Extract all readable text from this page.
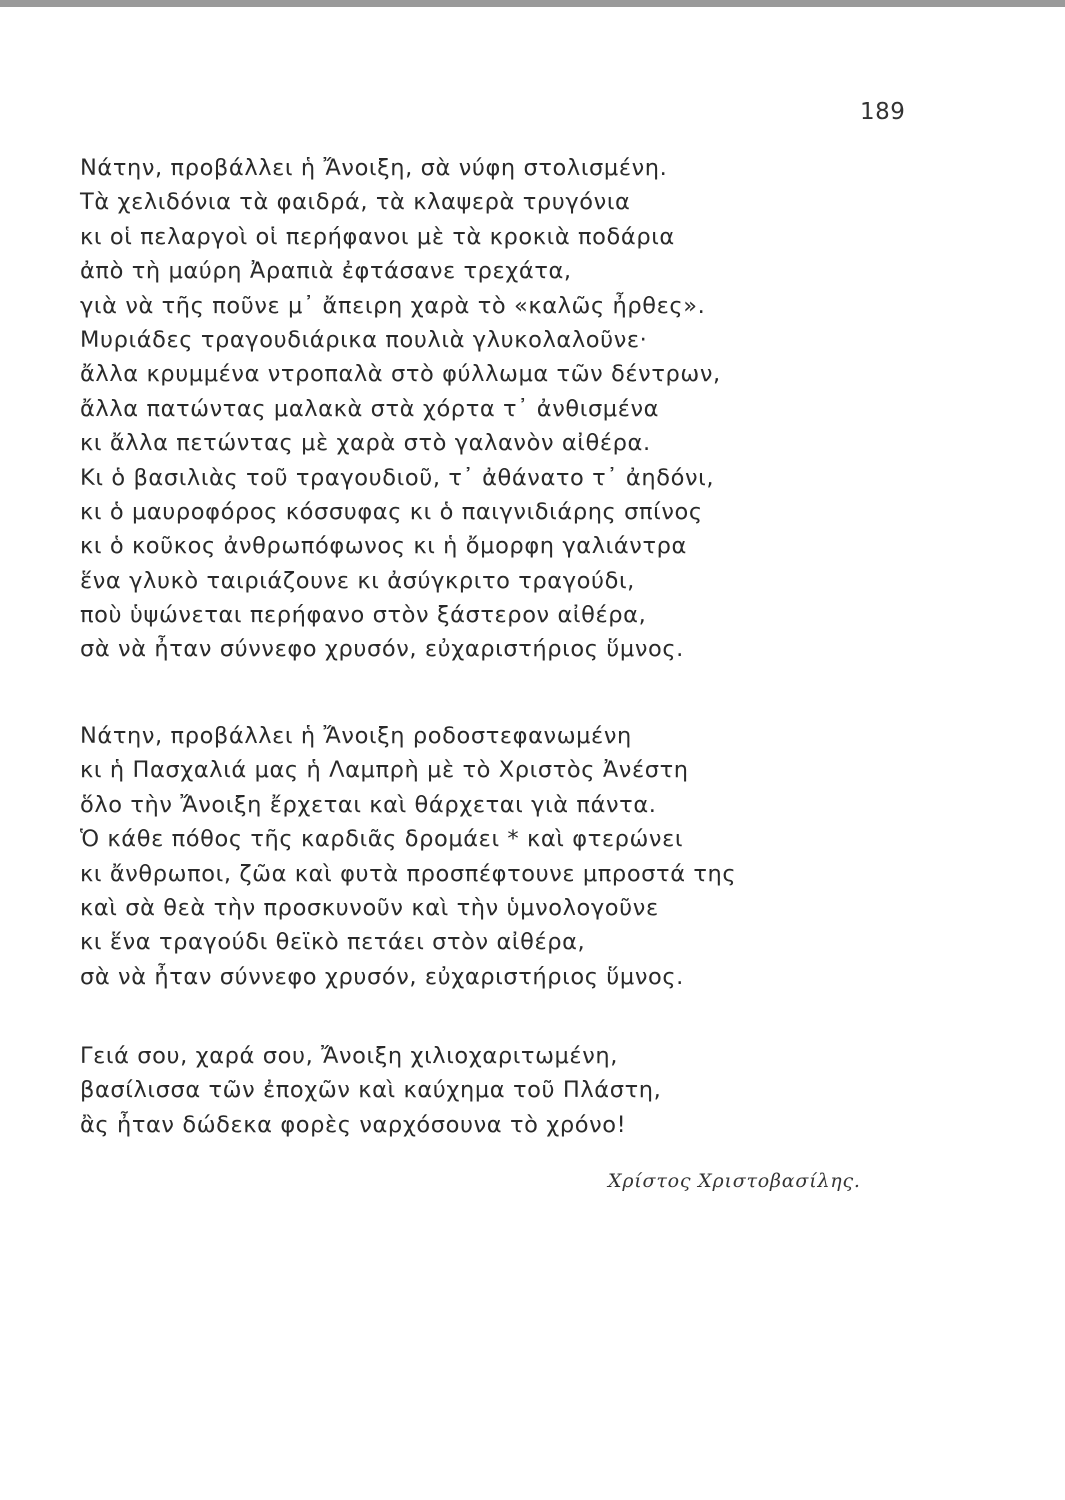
189
Νάτην, προβάλλει ἡ Ἄνοιξη, σὰ νύφη στολισμένη.
Τὰ χελιδόνια τὰ φαιδρά, τὰ κλαψερὰ τρυγόνια
κι οἱ πελαργοὶ οἱ περήφανοι μὲ τὰ κροκιὰ ποδάρια
ἀπὸ τὴ μαύρη Ἀραπιὰ ἐφτάσανε τρεχάτα,
γιὰ νὰ τῆς ποῦνε μ᾿ ἄπειρη χαρὰ τὸ «καλῶς ἦρθες».
Μυριάδες τραγουδιάρικα πουλιὰ γλυκολαλοῦνε·
ἄλλα κρυμμένα ντροπαλὰ στὸ φύλλωμα τῶν δέντρων,
ἄλλα πατώντας μαλακὰ στὰ χόρτα τ᾿ ἀνθισμένα
κι ἄλλα πετώντας μὲ χαρὰ στὸ γαλανὸν αἰθέρα.
Κι ὁ βασιλιὰς τοῦ τραγουδιοῦ, τ᾿ ἀθάνατο τ᾿ ἀηδόνι,
κι ὁ μαυροφόρος κόσσυφας κι ὁ παιγνιδιάρης σπίνος
κι ὁ κοῦκος ἀνθρωπόφωνος κι ἡ ὄμορφη γαλιάντρα
ἕνα γλυκὸ ταιριάζουνε κι ἀσύγκριτο τραγούδι,
ποὺ ὑψώνεται περήφανο στὸν ξάστερον αἰθέρα,
σὰ νὰ ἦταν σύννεφο χρυσόν, εὐχαριστήριος ὕμνος.
Νάτην, προβάλλει ἡ Ἄνοιξη ροδοστεφανωμένη
κι ἡ Πασχαλιά μας ἡ Λαμπρὴ μὲ τὸ Χριστὸς Ἀνέστη
ὅλο τὴν Ἄνοιξη ἔρχεται καὶ θάρχεται γιὰ πάντα.
Ὁ κάθε πόθος τῆς καρδιᾶς δρομάει * καὶ φτερώνει
κι ἄνθρωποι, ζῶα καὶ φυτὰ προσπέφτουνε μπροστά της
καὶ σὰ θεὰ τὴν προσκυνοῦν καὶ τὴν ὑμνολογοῦνε
κι ἕνα τραγούδι θεϊκὸ πετάει στὸν αἰθέρα,
σὰ νὰ ἦταν σύννεφο χρυσόν, εὐχαριστήριος ὕμνος.
Γειά σου, χαρά σου, Ἄνοιξη χιλιοχαριτωμένη,
βασίλισσα τῶν ἐποχῶν καὶ καύχημα τοῦ Πλάστη,
ἂς ἦταν δώδεκα φορὲς ναρχόσουνα τὸ χρόνο!
Χρίστος Χριστοβασίλης.
